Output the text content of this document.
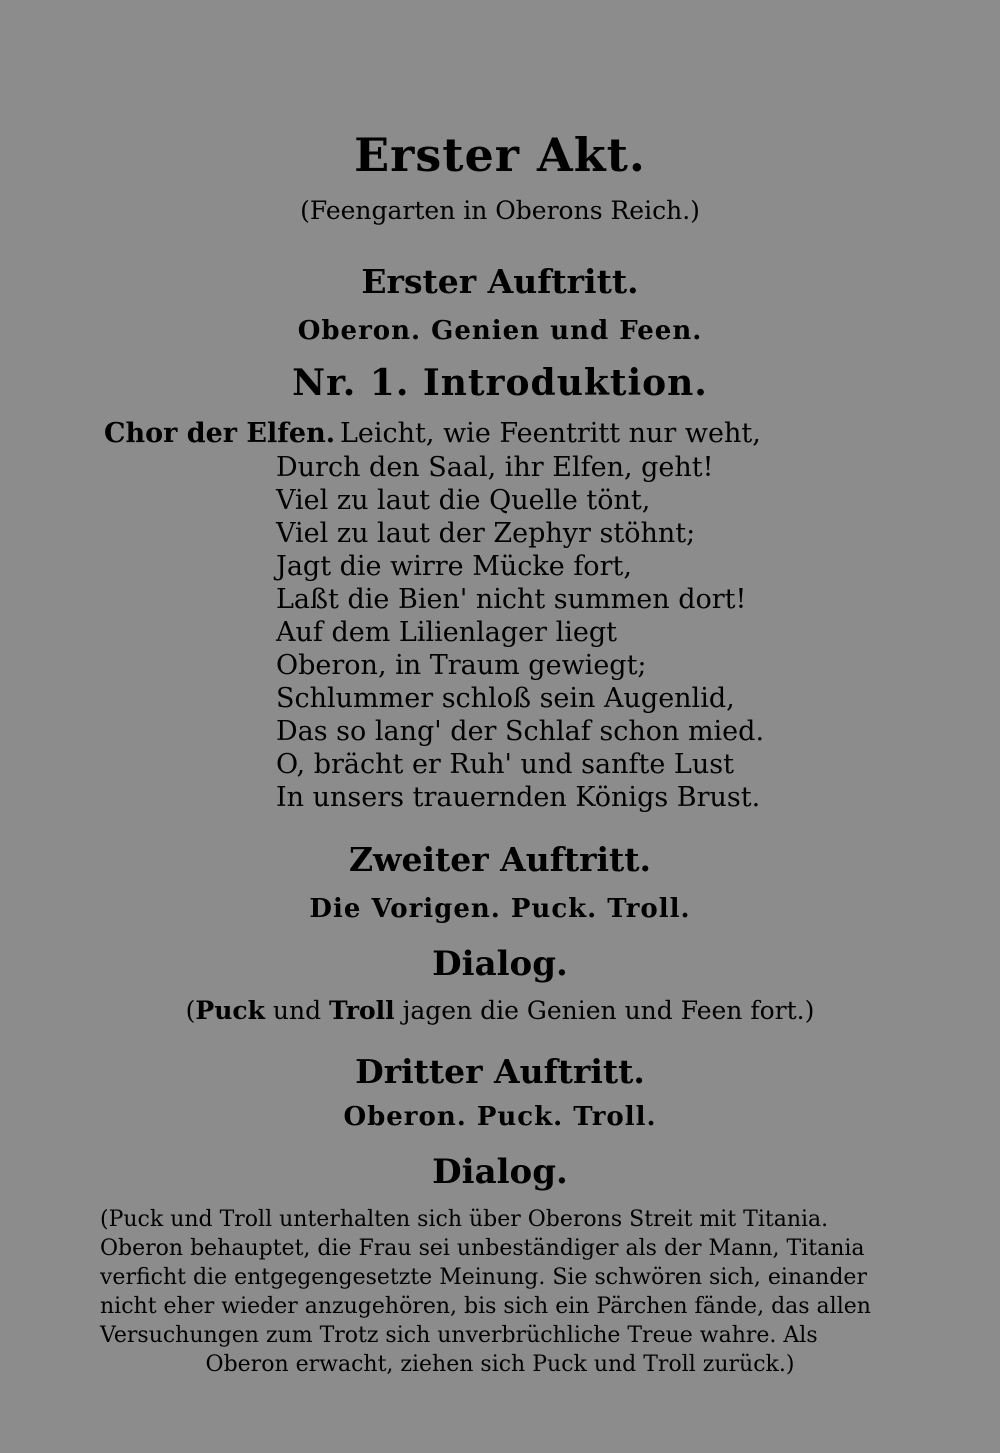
Erster Akt.
(Feengarten in Oberons Reich.)
Erster Auftritt.
Oberon. Genien und Feen.
Nr. 1. Introduktion.
Chor der Elfen. Leicht, wie Feentritt nur weht,
Durch den Saal, ihr Elfen, geht!
Viel zu laut die Quelle tönt,
Viel zu laut der Zephyr stöhnt;
Jagt die wirre Mücke fort,
Laßt die Bien' nicht summen dort!
Auf dem Lilienlager liegt
Oberon, in Traum gewiegt;
Schlummer schloß sein Augenlid,
Das so lang' der Schlaf schon mied.
O, brächt er Ruh' und sanfte Lust
In unsers trauernden Königs Brust.
Zweiter Auftritt.
Die Vorigen. Puck. Troll.
Dialog.
(Puck und Troll jagen die Genien und Feen fort.)
Dritter Auftritt.
Oberon. Puck. Troll.
Dialog.
(Puck und Troll unterhalten sich über Oberons Streit mit Titania.
Oberon behauptet, die Frau sei unbeständiger als der Mann, Titania
verficht die entgegengesetzte Meinung. Sie schwören sich, einander
nicht eher wieder anzugehören, bis sich ein Pärchen fände, das allen
Versuchungen zum Trotz sich unverbrüchliche Treue wahre. Als
Oberon erwacht, ziehen sich Puck und Troll zurück.)
